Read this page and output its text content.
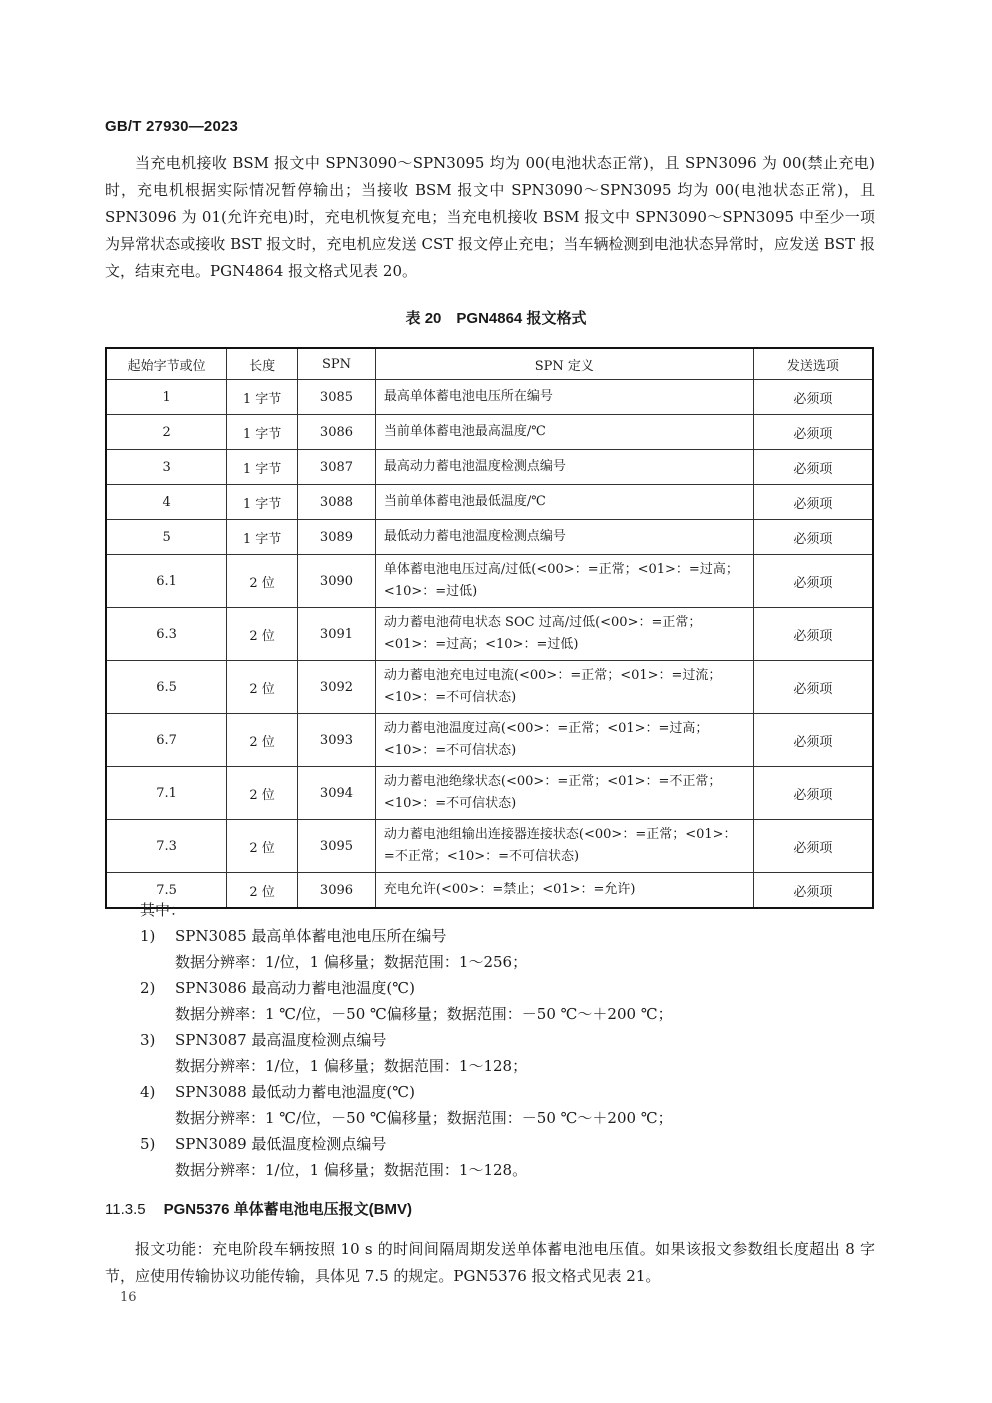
GB/T 27930—2023
当充电机接收 BSM 报文中 SPN3090～SPN3095 均为 00(电池状态正常)，且 SPN3096 为 00(禁止充电)时，充电机根据实际情况暂停输出；当接收 BSM 报文中 SPN3090～SPN3095 均为 00(电池状态正常)，且 SPN3096 为 01(允许充电)时，充电机恢复充电；当充电机接收 BSM 报文中 SPN3090～SPN3095 中至少一项为异常状态或接收 BST 报文时，充电机应发送 CST 报文停止充电；当车辆检测到电池状态异常时，应发送 BST 报文，结束充电。PGN4864 报文格式见表 20。
表 20　PGN4864 报文格式
起始字节或位	长度	SPN	SPN 定义	发送选项
1	1 字节	3085	最高单体蓄电池电压所在编号	必须项
2	1 字节	3086	当前单体蓄电池最高温度/℃	必须项
3	1 字节	3087	最高动力蓄电池温度检测点编号	必须项
4	1 字节	3088	当前单体蓄电池最低温度/℃	必须项
5	1 字节	3089	最低动力蓄电池温度检测点编号	必须项
6.1	2 位	3090	单体蓄电池电压过高/过低(<00>：=正常；<01>：=过高；<10>：=过低)	必须项
6.3	2 位	3091	动力蓄电池荷电状态 SOC 过高/过低(<00>：=正常；<01>：=过高；<10>：=过低)	必须项
6.5	2 位	3092	动力蓄电池充电过电流(<00>：=正常；<01>：=过流；<10>：=不可信状态)	必须项
6.7	2 位	3093	动力蓄电池温度过高(<00>：=正常；<01>：=过高；<10>：=不可信状态)	必须项
7.1	2 位	3094	动力蓄电池绝缘状态(<00>：=正常；<01>：=不正常；<10>：=不可信状态)	必须项
7.3	2 位	3095	动力蓄电池组输出连接器连接状态(<00>：=正常；<01>：=不正常；<10>：=不可信状态)	必须项
7.5	2 位	3096	充电允许(<00>：=禁止；<01>：=允许)	必须项
其中：
1)	SPN3085 最高单体蓄电池电压所在编号
数据分辨率：1/位，1 偏移量；数据范围：1～256；
2)	SPN3086 最高动力蓄电池温度(℃)
数据分辨率：1 ℃/位，－50 ℃偏移量；数据范围：－50 ℃～＋200 ℃；
3)	SPN3087 最高温度检测点编号
数据分辨率：1/位，1 偏移量；数据范围：1～128；
4)	SPN3088 最低动力蓄电池温度(℃)
数据分辨率：1 ℃/位，－50 ℃偏移量；数据范围：－50 ℃～＋200 ℃；
5)	SPN3089 最低温度检测点编号
数据分辨率：1/位，1 偏移量；数据范围：1～128。
11.3.5 PGN5376 单体蓄电池电压报文(BMV)
报文功能：充电阶段车辆按照 10 s 的时间间隔周期发送单体蓄电池电压值。如果该报文参数组长度超出 8 字节，应使用传输协议功能传输，具体见 7.5 的规定。PGN5376 报文格式见表 21。
16
